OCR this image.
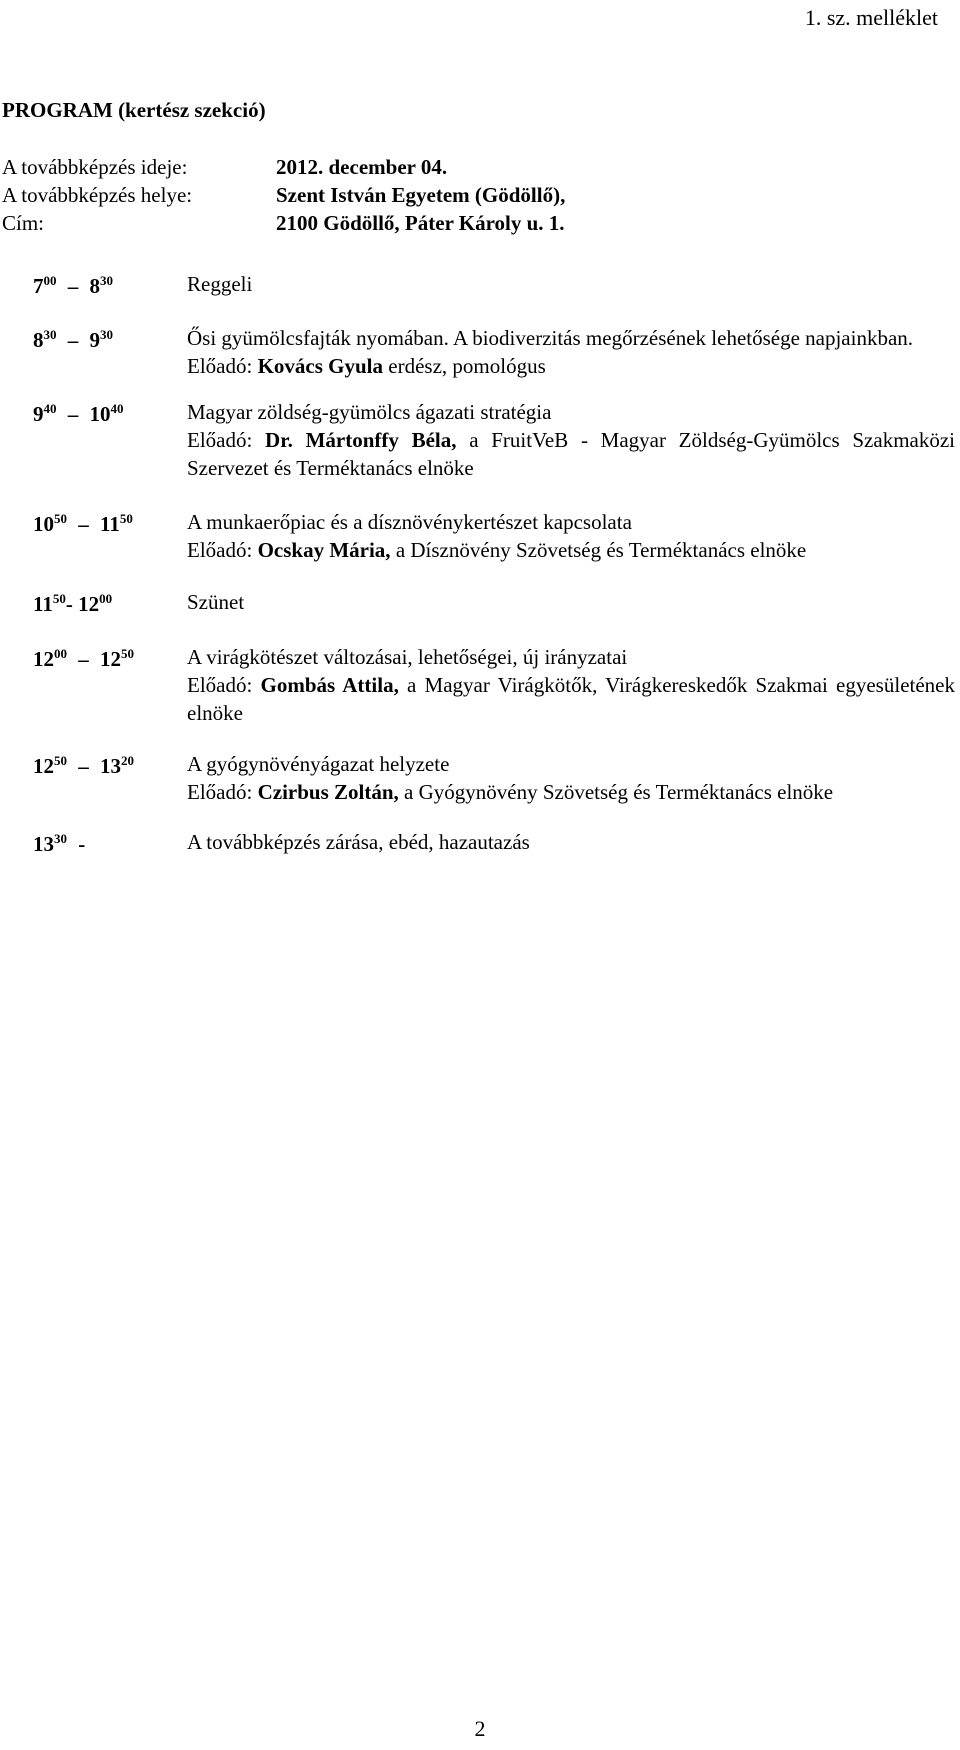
1. sz. melléklet
PROGRAM (kertész szekció)
A továbbképzés ideje:	2012. december 04.
A továbbképzés helye:	Szent István Egyetem (Gödöllő),
Cím:	2100 Gödöllő, Páter Károly u. 1.
$7^{00} - 8^{30}$	Reggeli
$8^{30} - 9^{30}$	Ősi gyümölcsfajták nyomában. A biodiverzitás megőrzésének lehetősége napjainkban.
Előadó: Kovács Gyula erdész, pomológus
$9^{40} - 10^{40}$	Magyar zöldség-gyümölcs ágazati stratégia
Előadó: Dr. Mártonffy Béla, a FruitVeB - Magyar Zöldség-Gyümölcs Szakmaközi Szervezet és Terméktanács elnöke
$10^{50} - 11^{50}$	A munkaerőpiac és a dísznövénykertészet kapcsolata
Előadó: Ocskay Mária, a Dísznövény Szövetség és Terméktanács elnöke
$11^{50}-$ $12^{00}$	Szünet
$12^{00} - 12^{50}$	A virágkötészet változásai, lehetőségei, új irányzatai
Előadó: Gombás Attila, a Magyar Virágkötők, Virágkereskedők Szakmai egyesületének elnöke
$12^{50} - 13^{20}$	A gyógynövényágazat helyzete
Előadó: Czirbus Zoltán, a Gyógynövény Szövetség és Terméktanács elnöke
$13^{30}$ -	A továbbképzés zárása, ebéd, hazautazás
2
